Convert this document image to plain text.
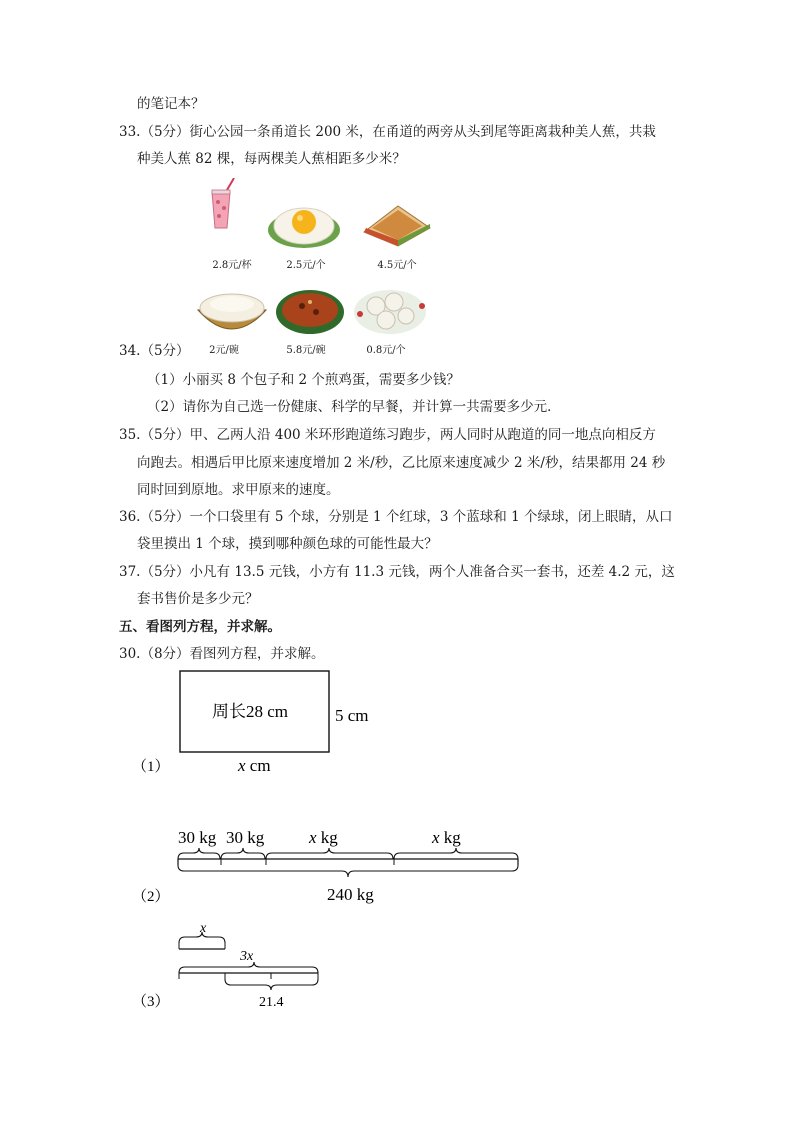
的笔记本？
33.（5分）街心公园一条甬道长 200 米，在甬道的两旁从头到尾等距离栽种美人蕉，共栽
种美人蕉 82 棵，每两棵美人蕉相距多少米？
2.8元/杯	2.5元/个	4.5元/个
34.（5分）	2元/碗	5.8元/碗	0.8元/个
（1）小丽买 8 个包子和 2 个煎鸡蛋，需要多少钱？
（2）请你为自己选一份健康、科学的早餐，并计算一共需要多少元．
35.（5分）甲、乙两人沿 400 米环形跑道练习跑步，两人同时从跑道的同一地点向相反方
向跑去。相遇后甲比原来速度增加 2 米/秒，乙比原来速度减少 2 米/秒，结果都用 24 秒
同时回到原地。求甲原来的速度。
36.（5分）一个口袋里有 5 个球，分别是 1 个红球，3 个蓝球和 1 个绿球，闭上眼睛，从口
袋里摸出 1 个球，摸到哪种颜色球的可能性最大？
37.（5分）小凡有 13.5 元钱，小方有 11.3 元钱，两个人准备合买一套书，还差 4.2 元，这
套书售价是多少元？
五、看图列方程，并求解。
30.（8分）看图列方程，并求解。
周长28 cm	5 cm
x cm
（1）
30 kg 30 kg	x kg	x kg
240 kg
（2）
x
3x
21.4
（3）
